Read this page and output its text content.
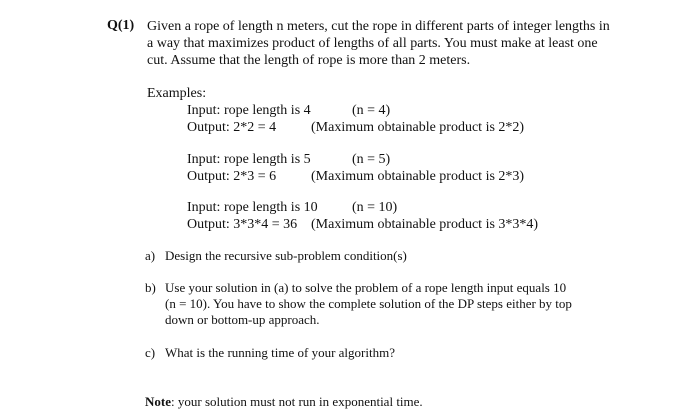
Q(1) Given a rope of length n meters, cut the rope in different parts of integer lengths in
a way that maximizes product of lengths of all parts. You must make at least one
cut. Assume that the length of rope is more than 2 meters.
Examples:
Input: rope length is 4	(n = 4)
Output: 2*2 = 4 (Maximum obtainable product is 2*2)
Input: rope length is 5	(n = 5)
Output: 2*3 = 6 (Maximum obtainable product is 2*3)
Input: rope length is 10 (n = 10)
Output: 3*3*4 = 36 (Maximum obtainable product is 3*3*4)
a) Design the recursive sub-problem condition(s)
b) Use your solution in (a) to solve the problem of a rope length input equals 10
(n = 10). You have to show the complete solution of the DP steps either by top
down or bottom-up approach.
c) What is the running time of your algorithm?
Note: your solution must not run in exponential time.
